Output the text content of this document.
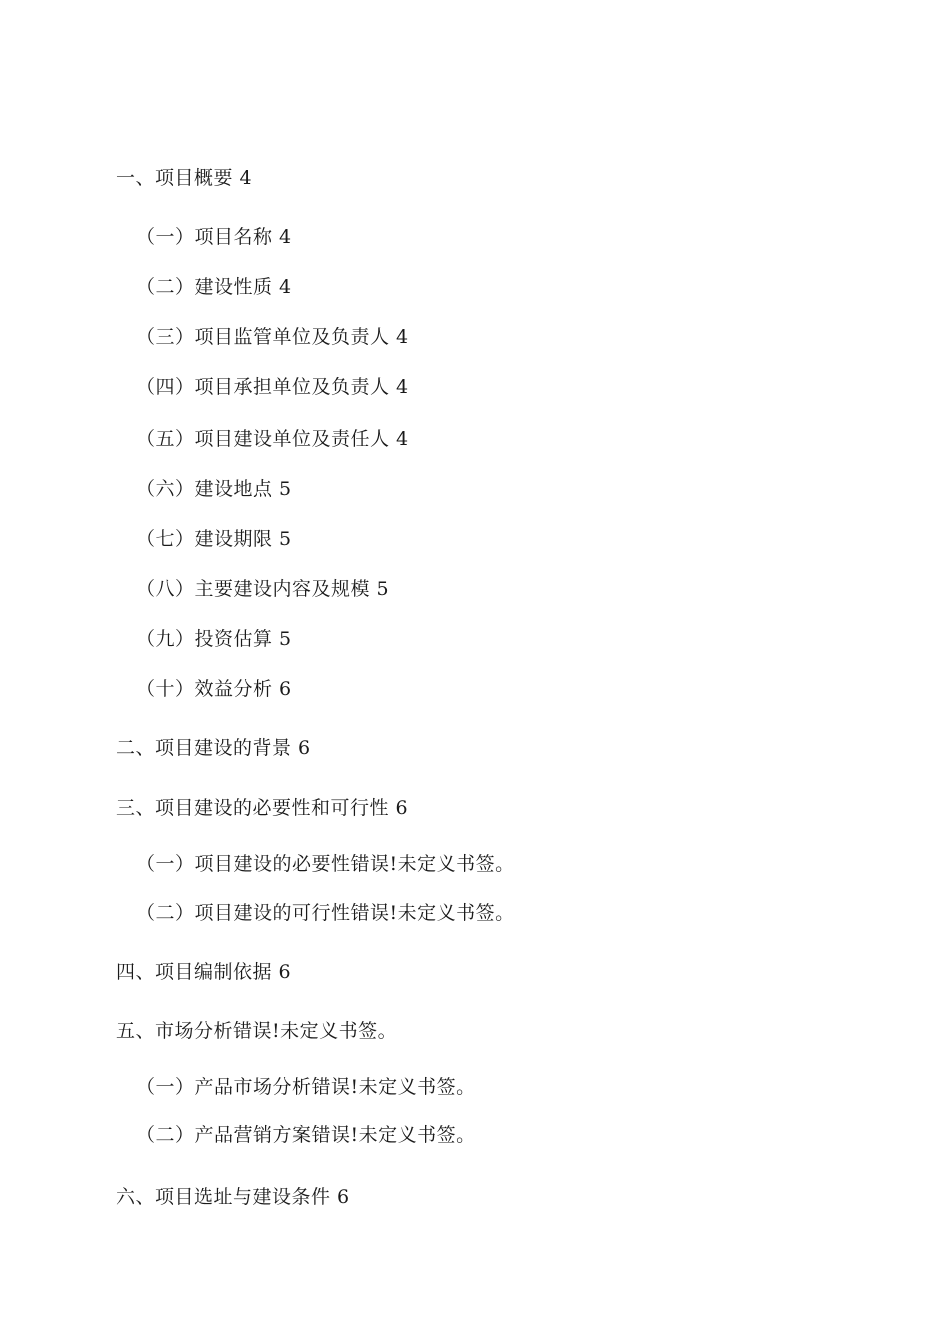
一、项目概要 4
（一）项目名称 4
（二）建设性质 4
（三）项目监管单位及负责人 4
（四）项目承担单位及负责人 4
（五）项目建设单位及责任人 4
（六）建设地点 5
（七）建设期限 5
（八）主要建设内容及规模 5
（九）投资估算 5
（十）效益分析 6
二、项目建设的背景 6
三、项目建设的必要性和可行性 6
（一）项目建设的必要性错误!未定义书签。
（二）项目建设的可行性错误!未定义书签。
四、项目编制依据 6
五、市场分析错误!未定义书签。
（一）产品市场分析错误!未定义书签。
（二）产品营销方案错误!未定义书签。
六、项目选址与建设条件 6
